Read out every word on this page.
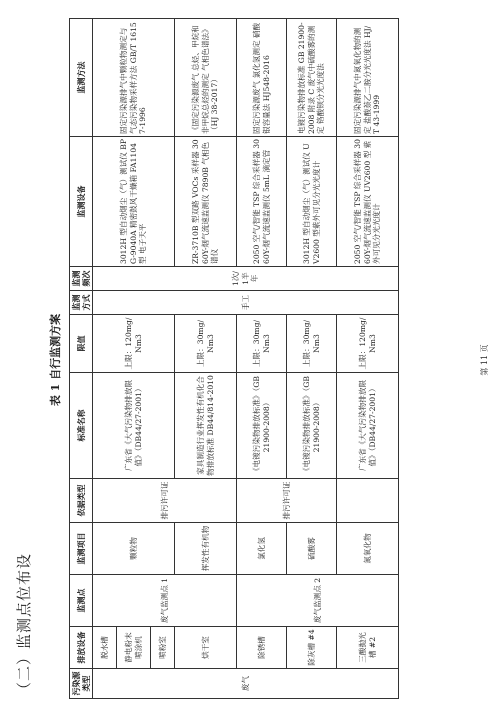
（二）监测点位布设
表 1 自行监测方案
污染源类型	排放设备	监测点	监测项目	依据类型	标准名称	限值	监测方式	监测频次	监测设备	监测方法
废气	脱水槽	废气监测点 1	颗粒物	排污许可证	广东省《大气污染物排放限值》（DB44/27-2001）	上限：120mg/Nm3	手工	1次/1半年	3012H 型自动烟尘（气）测试仪 BPG-9040A 精密鼓风干燥箱 FA1104 型 电子天平	固定污染源排气中颗粒物测定与气态污染物采样方法 GB/T 16157-1996
	静电粉末喷涂机									
	喷粉室									
	烘干室		挥发性有机物		家具制造行业挥发性有机化合物排放标准 DB44/814-2010	上限：30mg/Nm3			ZR-3710B 型双路 VOCs 采样器 3060Y-烟气流速监测仪 7890B 气相色谱仪	《固定污染源废气 总烃、甲烷和非甲烷总烃的测定 气相色谱法》（HJ 38-2017）
	除锈槽	废气监测点 2	氯化氢	排污许可证	《电镀污染物排放标准》（GB 21900-2008）	上限：30mg/Nm3			2050 空气/智能 TSP 综合采样器 3060Y-烟气流速监测仪 5mL 滴定管	固定污染源废气 氯化氢测定 硝酸银容量法 HJ548-2016
	除灰槽 #4		硫酸雾		《电镀污染物排放标准》（GB 21900-2008）	上限：30mg/Nm3			3012H 型自动烟尘（气）测试仪 UV2600 型紫外可见分光光度计	电镀污染物排放标准 GB 21900-2008 附录 C 废气中硫酸雾的测定 铬酸钡分光光度法
	三酸抛光槽 #2		氮氧化物		广东省《大气污染物排放限值》（DB44/27-2001）	上限：120mg/Nm3			2050 空气/智能 TSP 综合采样器 3060Y-烟气流速监测仪 UV2600 型 紫外可见分光光度计	固定污染源排气中氮氧化物的测定 盐酸萘乙二胺分光光度法 HJ/T 43-1999
第 11 页
